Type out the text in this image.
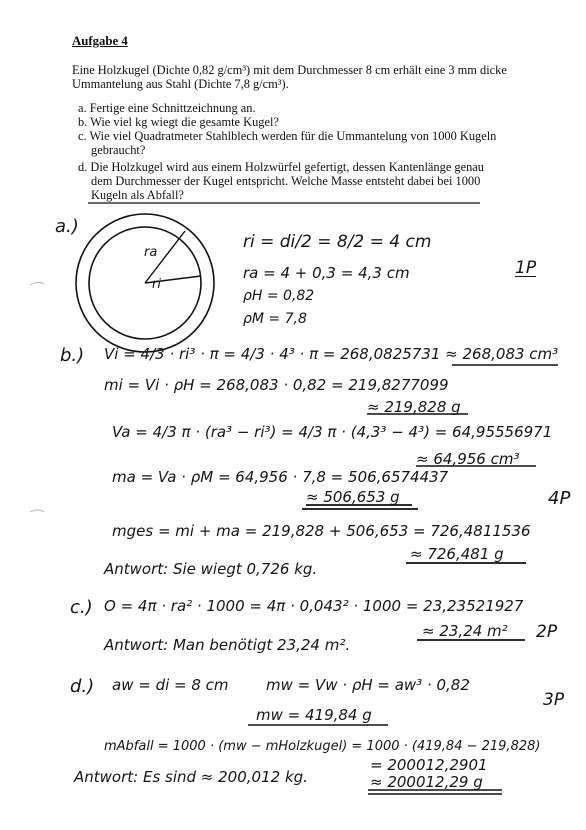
Aufgabe 4
Eine Holzkugel (Dichte 0,82 g/cm³) mit dem Durchmesser 8 cm erhält eine 3 mm dicke
Ummantelung aus Stahl (Dichte 7,8 g/cm³).
a. Fertige eine Schnittzeichnung an.
b. Wie viel kg wiegt die gesamte Kugel?
c. Wie viel Quadratmeter Stahlblech werden für die Ummantelung von 1000 Kugeln
gebraucht?
d. Die Holzkugel wird aus einem Holzwürfel gefertigt, dessen Kantenlänge genau
dem Durchmesser der Kugel entspricht. Welche Masse entsteht dabei bei 1000
Kugeln als Abfall?
a.)
ra
ri
ri = di/2 = 8/2 = 4 cm
ra = 4 + 0,3 = 4,3 cm
ρH = 0,82
ρM = 7,8
1P
b.) Vi = 4/3 · ri³ · π = 4/3 · 4³ · π = 268,0825731 ≈ 268,083 cm³
mi = Vi · ρH = 268,083 · 0,82 = 219,8277099
≈ 219,828 g
Va = 4/3 π · (ra³ − ri³) = 4/3 π · (4,3³ − 4³) = 64,95556971
≈ 64,956 cm³
ma = Va · ρM = 64,956 · 7,8 = 506,6574437
≈ 506,653 g
mges = mi + ma = 219,828 + 506,653 = 726,4811536
≈ 726,481 g
Antwort: Sie wiegt 0,726 kg.
4P
c.) O = 4π · ra² · 1000 = 4π · 0,043² · 1000 = 23,23521927
≈ 23,24 m²
Antwort: Man benötigt 23,24 m².
2P
d.) aw = di = 8 cm mw = Vw · ρH = aw³ · 0,82
mw = 419,84 g
mAbfall = 1000 · (mw − mHolzkugel) = 1000 · (419,84 − 219,828)
= 200012,2901
≈ 200012,29 g
Antwort: Es sind ≈ 200,012 kg.
3P
